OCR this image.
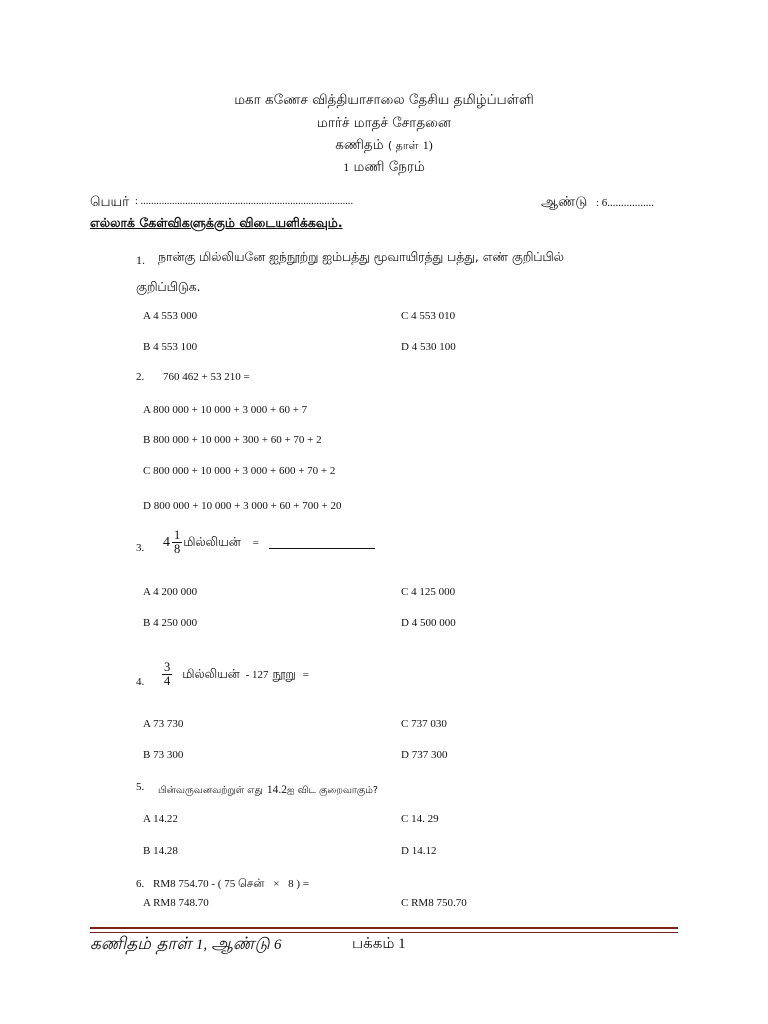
மகா கணேச வித்தியாசாலை தேசிய தமிழ்ப்பள்ளி
மார்ச் மாதச் சோதனை
கணிதம் ( தாள் 1)
1 மணி நேரம்
பெயர் : .................................................................................	ஆண்டு : 6.................
எல்லாக் கேள்விகளுக்கும் விடையளிக்கவும்.
1. நான்கு மில்லியனே ஐந்நூற்று ஐம்பத்து மூவாயிரத்து பத்து, எண் குறிப்பில்
குறிப்பிடுக.
A 4 553 000	C 4 553 010
B 4 553 100	D 4 530 100
2. 760 462 + 53 210 =
A 800 000 + 10 000 + 3 000 + 60 + 7
B 800 000 + 10 000 + 300 + 60 + 70 + 2
C 800 000 + 10 000 + 3 000 + 600 + 70 + 2
D 800 000 + 10 000 + 3 000 + 60 + 700 + 20
3. $4 \frac{1}{8}$ மில்லியன் =
A 4 200 000	C 4 125 000
B 4 250 000	D 4 500 000
4. $\frac{3}{4}$ மில்லியன் - 127 நூறு =
A 73 730	C 737 030
B 73 300	D 737 300
5. பின்வருவனவற்றுள் எது 14.2ஐ விட குறைவாகும்?
A 14.22	C 14. 29
B 14.28	D 14.12
6. RM8 754.70 - ( 75 சென் × 8 ) =
A RM8 748.70	C RM8 750.70
கணிதம் தாள் 1, ஆண்டு 6	பக்கம் 1
